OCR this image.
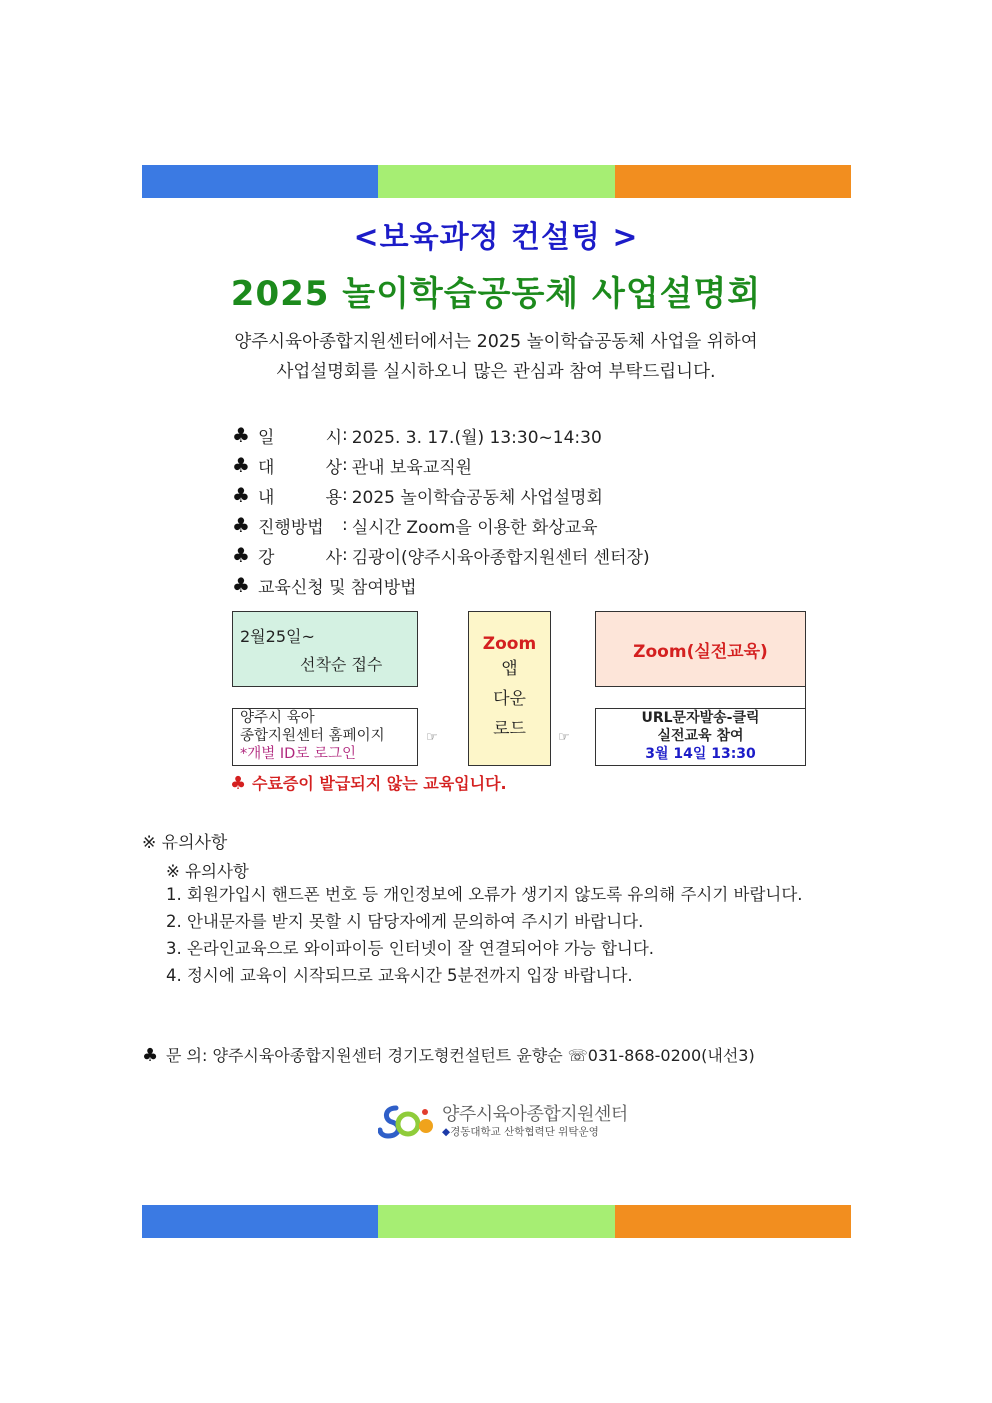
<보육과정 컨설팅 >
2025 놀이학습공동체 사업설명회
양주시육아종합지원센터에서는 2025 놀이학습공동체 사업을 위하여
사업설명회를 실시하오니 많은 관심과 참여 부탁드립니다.
♣ 일 시 : 2025. 3. 17.(월) 13:30~14:30
♣ 대 상 : 관내 보육교직원
♣ 내 용 : 2025 놀이학습공동체 사업설명회
♣ 진행방법	: 실시간 Zoom을 이용한 화상교육
♣ 강 사 : 김광이(양주시육아종합지원센터 센터장)
♣ 교육신청 및 참여방법
2월25일~
선착순 접수
양주시 육아
종합지원센터 홈페이지
*개별 ID로 로그인
☞
Zoom
앱
다운
로드	☞
Zoom(실전교육)
URL문자발송-클릭
실전교육 참여
3월 14일 13:30
♣ 수료증이 발급되지 않는 교육입니다.
※ 유의사항
※ 유의사항
1. 회원가입시 핸드폰 번호 등 개인정보에 오류가 생기지 않도록 유의해 주시기 바랍니다.
2. 안내문자를 받지 못할 시 담당자에게 문의하여 주시기 바랍니다.
3. 온라인교육으로 와이파이등 인터넷이 잘 연결되어야 가능 합니다.
4. 정시에 교육이 시작되므로 교육시간 5분전까지 입장 바랍니다.
♣ 문 의: 양주시육아종합지원센터 경기도형컨설턴트 윤향순 ☏031-868-0200(내선3)
양주시육아종합지원센터
◆경동대학교 산학협력단 위탁운영
